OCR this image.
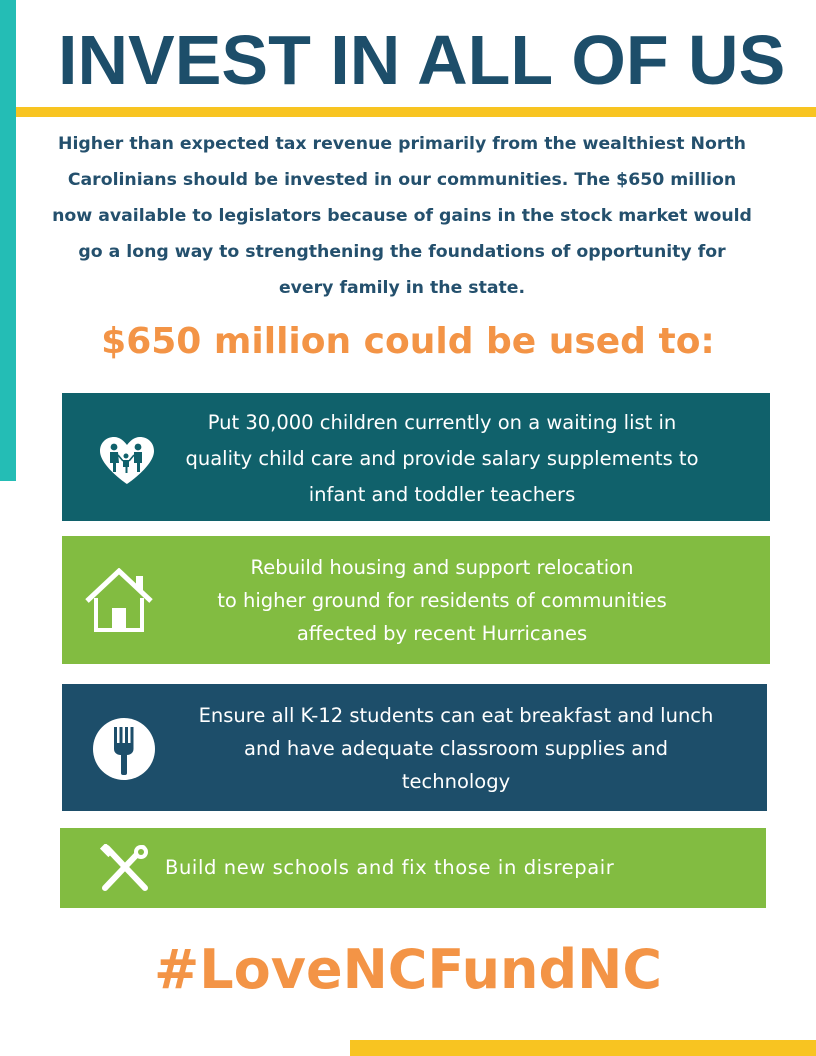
INVEST IN ALL OF US
Higher than expected tax revenue primarily from the wealthiest North Carolinians should be invested in our communities. The $650 million now available to legislators because of gains in the stock market would go a long way to strengthening the foundations of opportunity for every family in the state.
$650 million could be used to:
Put 30,000 children currently on a waiting list in
quality child care and provide salary supplements to
infant and toddler teachers
Rebuild housing and support relocation
to higher ground for residents of communities
affected by recent Hurricanes
Ensure all K-12 students can eat breakfast and lunch
and have adequate classroom supplies and
technology
Build new schools and fix those in disrepair
#LoveNCFundNC
